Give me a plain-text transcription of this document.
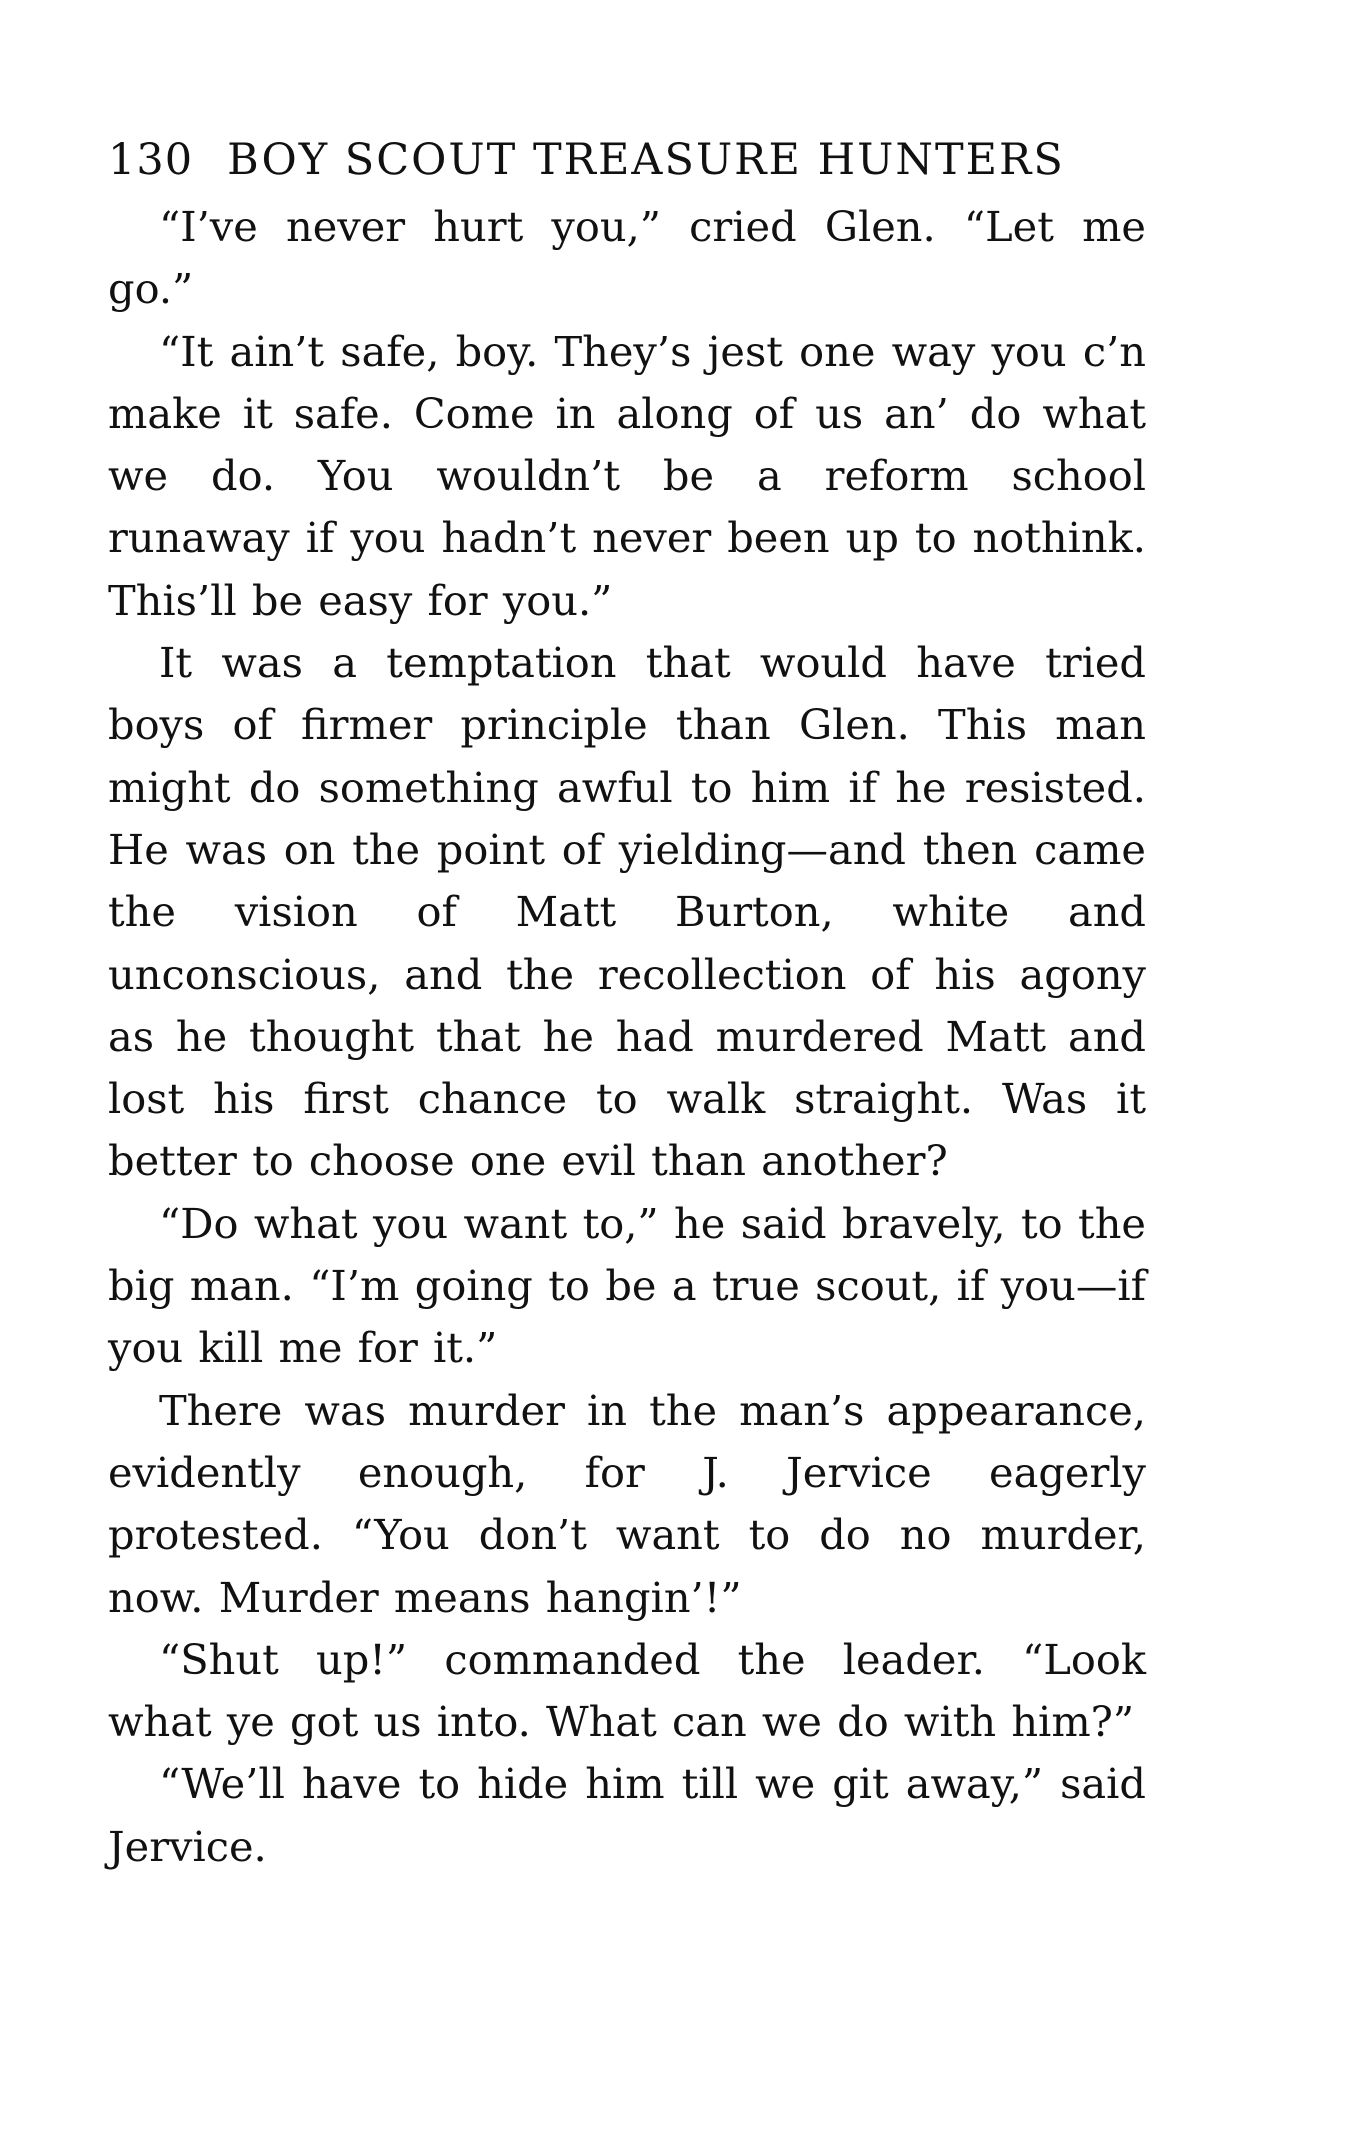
130 BOY SCOUT TREASURE HUNTERS

“I’ve never hurt you,” cried Glen. “Let me go.”

“It ain’t safe, boy. They’s jest one way you c’n make it safe. Come in along of us an’ do what we do. You wouldn’t be a reform school runaway if you hadn’t never been up to nothink. This’ll be easy for you.”

It was a temptation that would have tried boys of firmer principle than Glen. This man might do something awful to him if he resisted. He was on the point of yielding—and then came the vision of Matt Burton, white and unconscious, and the recollection of his agony as he thought that he had murdered Matt and lost his first chance to walk straight. Was it better to choose one evil than another?

“Do what you want to,” he said bravely, to the big man. “I’m going to be a true scout, if you—if you kill me for it.”

There was murder in the man’s appearance, evidently enough, for J. Jervice eagerly protested. “You don’t want to do no murder, now. Murder means hangin’!”

“Shut up!” commanded the leader. “Look what ye got us into. What can we do with him?”

“We’ll have to hide him till we git away,” said Jervice.
